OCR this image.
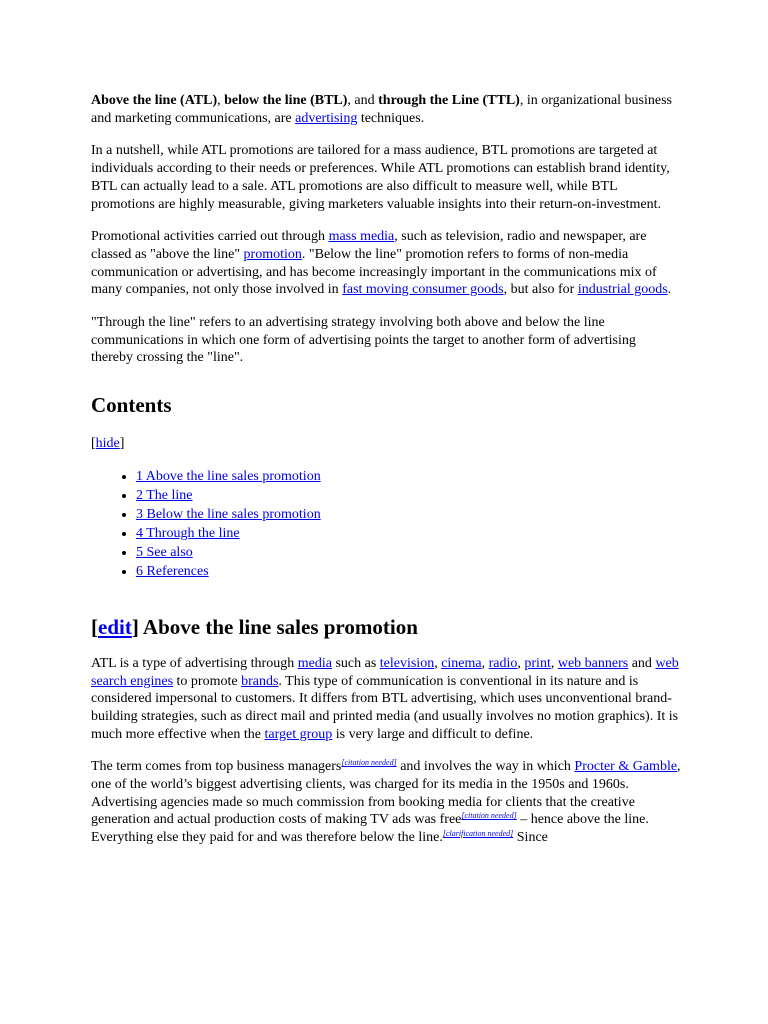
Above the line (ATL), below the line (BTL), and through the Line (TTL), in organizational business and marketing communications, are advertising techniques.

In a nutshell, while ATL promotions are tailored for a mass audience, BTL promotions are targeted at individuals according to their needs or preferences. While ATL promotions can establish brand identity, BTL can actually lead to a sale. ATL promotions are also difficult to measure well, while BTL promotions are highly measurable, giving marketers valuable insights into their return-on-investment.

Promotional activities carried out through mass media, such as television, radio and newspaper, are classed as "above the line" promotion. "Below the line" promotion refers to forms of non-media communication or advertising, and has become increasingly important in the communications mix of many companies, not only those involved in fast moving consumer goods, but also for industrial goods.

"Through the line" refers to an advertising strategy involving both above and below the line communications in which one form of advertising points the target to another form of advertising thereby crossing the "line".

Contents
[hide]
• 1 Above the line sales promotion
• 2 The line
• 3 Below the line sales promotion
• 4 Through the line
• 5 See also
• 6 References
[edit] Above the line sales promotion

ATL is a type of advertising through media such as television, cinema, radio, print, web banners and web search engines to promote brands. This type of communication is conventional in its nature and is considered impersonal to customers. It differs from BTL advertising, which uses unconventional brand-building strategies, such as direct mail and printed media (and usually involves no motion graphics). It is much more effective when the target group is very large and difficult to define.

The term comes from top business managers[citation needed] and involves the way in which Procter & Gamble, one of the world’s biggest advertising clients, was charged for its media in the 1950s and 1960s. Advertising agencies made so much commission from booking media for clients that the creative generation and actual production costs of making TV ads was free[citation needed] – hence above the line. Everything else they paid for and was therefore below the line.[clarification needed] Since
